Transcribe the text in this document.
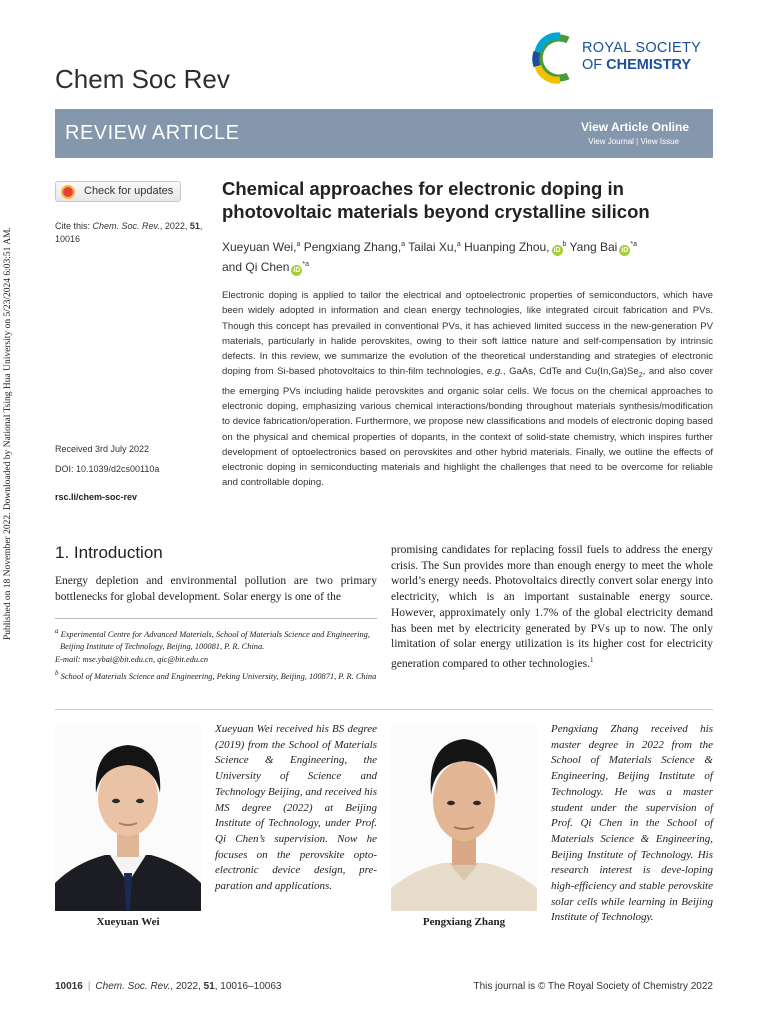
Published on 18 November 2022. Downloaded by National Tsing Hua University on 5/23/2024 6:03:51 AM.
Chem Soc Rev
ROYAL SOCIETY
OF CHEMISTRY
REVIEW ARTICLE	View Article Online
View Journal | View Issue
Check for updates
Cite this: Chem. Soc. Rev., 2022, 51, 10016
Received 3rd July 2022
DOI: 10.1039/d2cs00110a
rsc.li/chem-soc-rev
Chemical approaches for electronic doping in photovoltaic materials beyond crystalline silicon
Xueyuan Wei,$^a$ Pengxiang Zhang,$^a$ Tailai Xu,$^a$ Huanping Zhou, $iD^b$ Yang Bai $iD^{*a}$
and Qi Chen $iD^{*a}$
Electronic doping is applied to tailor the electrical and optoelectronic properties of semiconductors, which have been widely adopted in information and clean energy technologies, like integrated circuit fabrication and PVs. Though this concept has prevailed in conventional PVs, it has achieved limited success in the new-generation PV materials, particularly in halide perovskites, owing to their soft lattice nature and self-compensation by intrinsic defects. In this review, we summarize the evolution of the theoretical understanding and strategies of electronic doping from Si-based photovoltaics to thin-film technologies, e.g., GaAs, CdTe and $Cu(In,Ga)Se_2$, and also cover the emerging PVs including halide perovskites and organic solar cells. We focus on the chemical approaches to electronic doping, emphasizing various chemical interactions/bonding throughout materials synthesis/modification to device fabrication/operation. Furthermore, we propose new classifications and models of electronic doping based on the physical and chemical properties of dopants, in the context of solid-state chemistry, which inspires further development of optoelectronics based on perovskites and other hybrid materials. Finally, we outline the effects of electronic doping in semiconducting materials and highlight the challenges that need to be overcome for reliable and controllable doping.
1. Introduction
Energy depletion and environmental pollution are two primary bottlenecks for global development. Solar energy is one of the
promising candidates for replacing fossil fuels to address the energy crisis. The Sun provides more than enough energy to meet the whole world’s energy needs. Photovoltaics directly convert solar energy into electricity, which is an important sustainable energy source. However, approximately only 1.7% of the global electricity demand has been met by electricity generated by PVs up to now. The only limitation of solar energy utilization is its higher cost for electricity generation compared to other technologies.$^1$
$^a$ Experimental Centre for Advanced Materials, School of Materials Science and Engineering, Beijing Institute of Technology, Beijing, 100081, P. R. China.
E-mail: mse.ybai@bit.edu.cn, qic@bit.edu.cn
$^b$ School of Materials Science and Engineering, Peking University, Beijing, 100871, P. R. China
Xueyuan Wei
Xueyuan Wei received his BS degree (2019) from the School of Materials Science & Engineering, the University of Science and Technology Beijing, and received his MS degree (2022) at Beijing Institute of Technology, under Prof. Qi Chen’s supervision. Now he focuses on the perovskite opto-electronic device design, pre-paration and applications.
Pengxiang Zhang
Pengxiang Zhang received his master degree in 2022 from the School of Materials Science & Engineering, Beijing Institute of Technology. He was a master student under the supervision of Prof. Qi Chen in the School of Materials Science & Engineering, Beijing Institute of Technology. His research interest is deve-loping high-efficiency and stable perovskite solar cells while learning in Beijing Institute of Technology.
10016 | Chem. Soc. Rev., 2022, 51, 10016–10063	This journal is © The Royal Society of Chemistry 2022
